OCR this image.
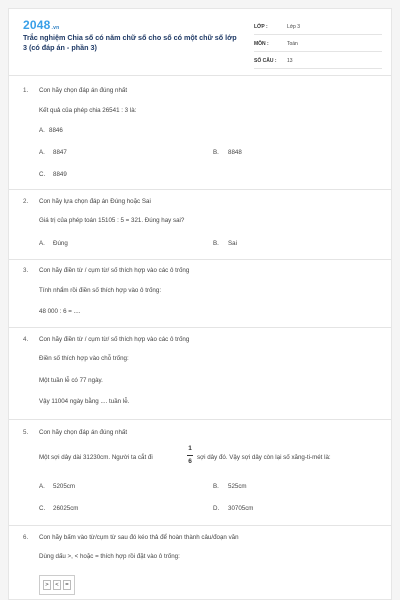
2048.vn
Trắc nghiệm Chia số có năm chữ số cho số có một chữ số lớp 3 (có đáp án - phần 3)
LỚP :	Lớp 3
MÔN :	Toán
SỐ CÂU : 13
1. Con hãy chọn đáp án đúng nhất
Kết quả của phép chia 26541 : 3 là:
A. 8846
A. 8847	B. 8848
C. 8849
2. Con hãy lựa chọn đáp án Đúng hoặc Sai
Giá trị của phép toán 15105 : 5 = 321. Đúng hay sai?
A. Đúng	B. Sai
3. Con hãy điền từ / cụm từ/ số thích hợp vào các ô trống
Tính nhẩm rồi điền số thích hợp vào ô trống:
48 000 : 6 = ....
4. Con hãy điền từ / cụm từ/ số thích hợp vào các ô trống
Điền số thích hợp vào chỗ trống:
Một tuần lễ có 77 ngày.
Vậy 11004 ngày bằng .... tuần lễ.
5. Con hãy chọn đáp án đúng nhất
Một sợi dây dài 31230cm. Người ta cắt đi
1
6
sợi dây đó. Vậy sợi dây còn lại số xăng-ti-mét là:
A. 5205cm	B. 525cm
C. 26025cm	D. 30705cm
6. Con hãy bấm vào từ/cụm từ sau đó kéo thả để hoàn thành câu/đoạn văn
Dùng dấu >, < hoặc = thích hợp rồi đặt vào ô trống:
>	<	=
